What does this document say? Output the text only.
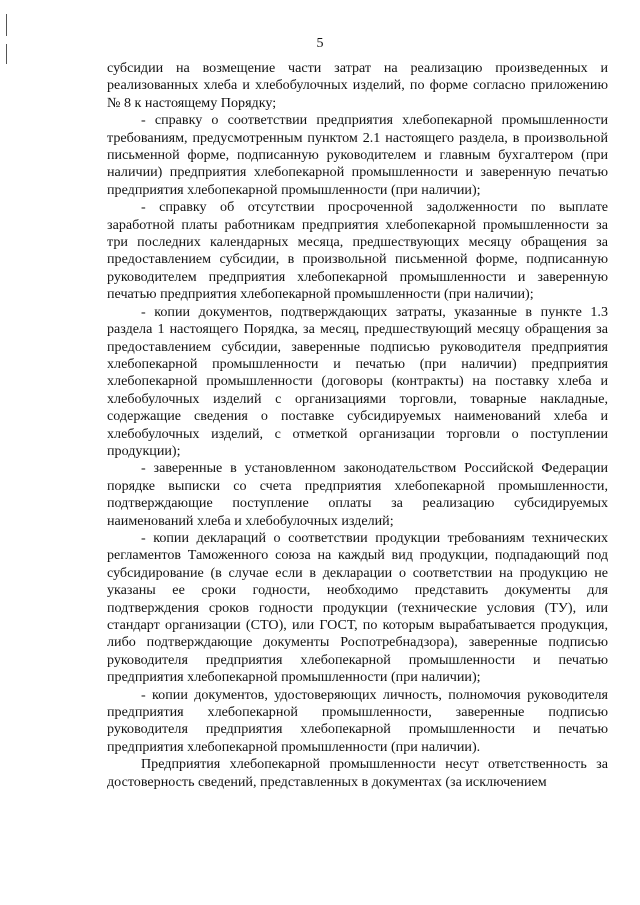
5

субсидии на возмещение части затрат на реализацию произведенных и реализованных хлеба и хлебобулочных изделий, по форме согласно приложению № 8 к настоящему Порядку;

- справку о соответствии предприятия хлебопекарной промышленности требованиям, предусмотренным пунктом 2.1 настоящего раздела, в произвольной письменной форме, подписанную руководителем и главным бухгалтером (при наличии) предприятия хлебопекарной промышленности и заверенную печатью предприятия хлебопекарной промышленности (при наличии);

- справку об отсутствии просроченной задолженности по выплате заработной платы работникам предприятия хлебопекарной промышленности за три последних календарных месяца, предшествующих месяцу обращения за предоставлением субсидии, в произвольной письменной форме, подписанную руководителем предприятия хлебопекарной промышленности и заверенную печатью предприятия хлебопекарной промышленности (при наличии);

- копии документов, подтверждающих затраты, указанные в пункте 1.3 раздела 1 настоящего Порядка, за месяц, предшествующий месяцу обращения за предоставлением субсидии, заверенные подписью руководителя предприятия хлебопекарной промышленности и печатью (при наличии) предприятия хлебопекарной промышленности (договоры (контракты) на поставку хлеба и хлебобулочных изделий с организациями торговли, товарные накладные, содержащие сведения о поставке субсидируемых наименований хлеба и хлебобулочных изделий, с отметкой организации торговли о поступлении продукции);

- заверенные в установленном законодательством Российской Федерации порядке выписки со счета предприятия хлебопекарной промышленности, подтверждающие поступление оплаты за реализацию субсидируемых наименований хлеба и хлебобулочных изделий;

- копии деклараций о соответствии продукции требованиям технических регламентов Таможенного союза на каждый вид продукции, подпадающий под субсидирование (в случае если в декларации о соответствии на продукцию не указаны ее сроки годности, необходимо представить документы для подтверждения сроков годности продукции (технические условия (ТУ), или стандарт организации (СТО), или ГОСТ, по которым вырабатывается продукция, либо подтверждающие документы Роспотребнадзора), заверенные подписью руководителя предприятия хлебопекарной промышленности и печатью предприятия хлебопекарной промышленности (при наличии);

- копии документов, удостоверяющих личность, полномочия руководителя предприятия хлебопекарной промышленности, заверенные подписью руководителя предприятия хлебопекарной промышленности и печатью предприятия хлебопекарной промышленности (при наличии).

Предприятия хлебопекарной промышленности несут ответственность за достоверность сведений, представленных в документах (за исключением
